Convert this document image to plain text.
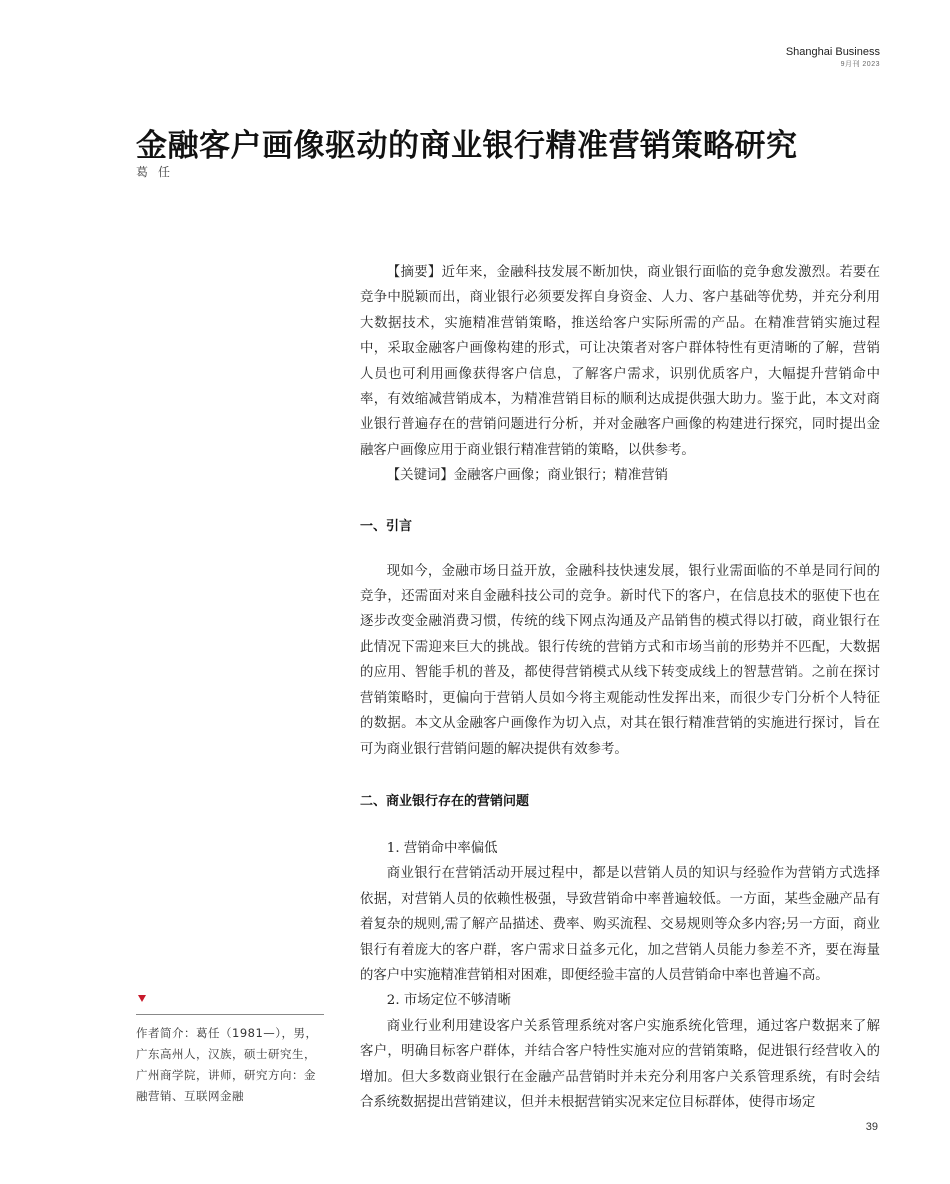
Shanghai Business
9月刊 2023
金融客户画像驱动的商业银行精准营销策略研究
葛任

【摘要】近年来，金融科技发展不断加快，商业银行面临的竞争愈发激烈。若要在竞争中脱颖而出，商业银行必须要发挥自身资金、人力、客户基础等优势，并充分利用大数据技术，实施精准营销策略，推送给客户实际所需的产品。在精准营销实施过程中，采取金融客户画像构建的形式，可让决策者对客户群体特性有更清晰的了解，营销人员也可利用画像获得客户信息，了解客户需求，识别优质客户，大幅提升营销命中率，有效缩减营销成本，为精准营销目标的顺利达成提供强大助力。鉴于此，本文对商业银行普遍存在的营销问题进行分析，并对金融客户画像的构建进行探究，同时提出金融客户画像应用于商业银行精准营销的策略，以供参考。

【关键词】金融客户画像；商业银行；精准营销

一、引言

现如今，金融市场日益开放，金融科技快速发展，银行业需面临的不单是同行间的竞争，还需面对来自金融科技公司的竞争。新时代下的客户，在信息技术的驱使下也在逐步改变金融消费习惯，传统的线下网点沟通及产品销售的模式得以打破，商业银行在此情况下需迎来巨大的挑战。银行传统的营销方式和市场当前的形势并不匹配，大数据的应用、智能手机的普及，都使得营销模式从线下转变成线上的智慧营销。之前在探讨营销策略时，更偏向于营销人员如今将主观能动性发挥出来，而很少专门分析个人特征的数据。本文从金融客户画像作为切入点，对其在银行精准营销的实施进行探讨，旨在可为商业银行营销问题的解决提供有效参考。

二、商业银行存在的营销问题

1. 营销命中率偏低

商业银行在营销活动开展过程中，都是以营销人员的知识与经验作为营销方式选择依据，对营销人员的依赖性极强，导致营销命中率普遍较低。一方面，某些金融产品有着复杂的规则,需了解产品描述、费率、购买流程、交易规则等众多内容;另一方面，商业银行有着庞大的客户群，客户需求日益多元化，加之营销人员能力参差不齐，要在海量的客户中实施精准营销相对困难，即便经验丰富的人员营销命中率也普遍不高。

2. 市场定位不够清晰

商业行业利用建设客户关系管理系统对客户实施系统化管理，通过客户数据来了解客户，明确目标客户群体，并结合客户特性实施对应的营销策略，促进银行经营收入的增加。但大多数商业银行在金融产品营销时并未充分利用客户关系管理系统，有时会结合系统数据提出营销建议，但并未根据营销实况来定位目标群体，使得市场定

作者简介：葛任（1981—），男，广东高州人，汉族，硕士研究生，广州商学院，讲师，研究方向：金融营销、互联网金融

39
